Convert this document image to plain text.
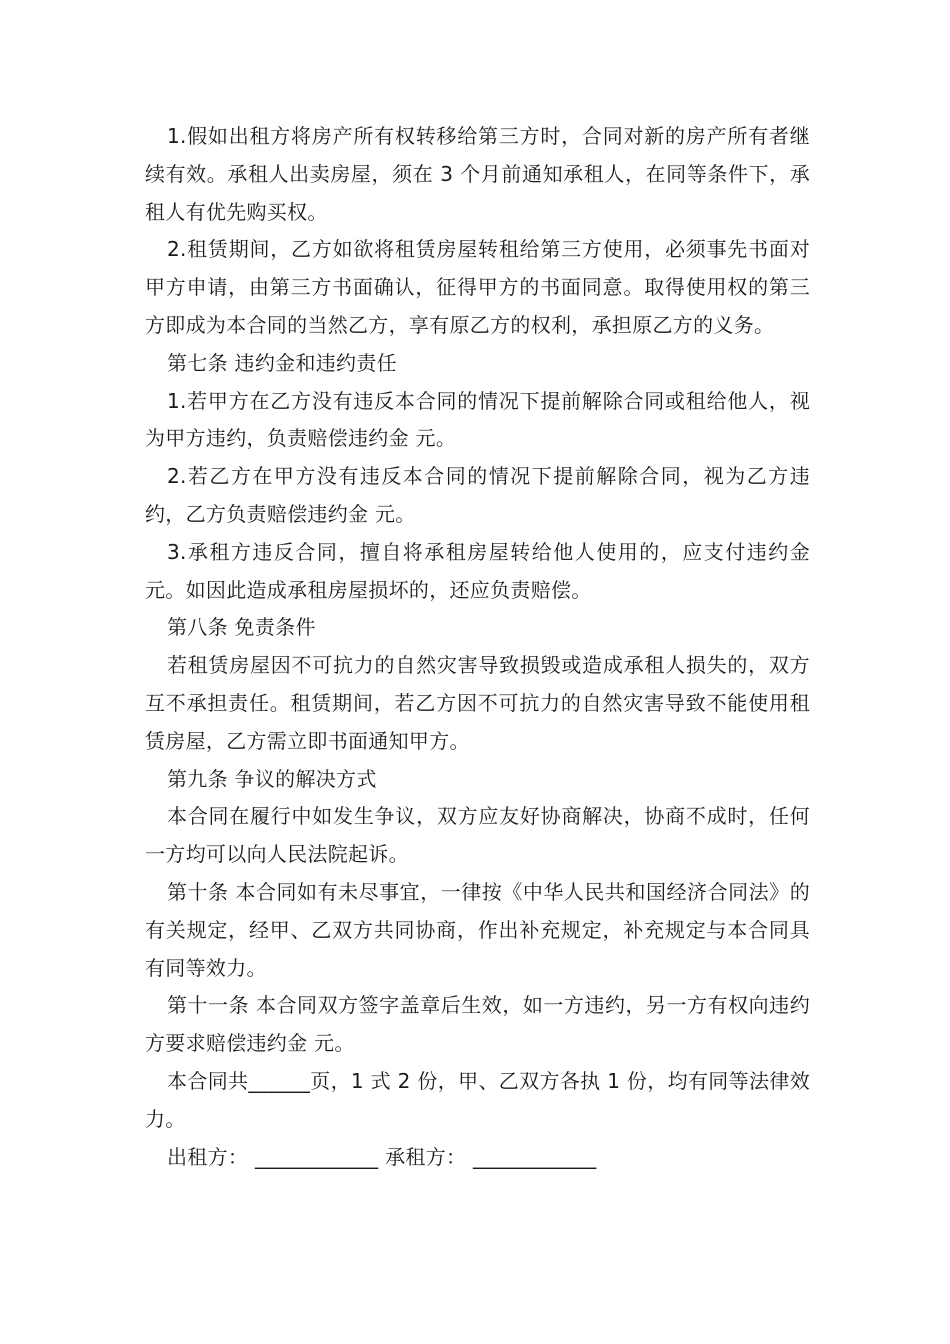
1.假如出租方将房产所有权转移给第三方时，合同对新的房产所有者继续有效。承租人出卖房屋，须在 3 个月前通知承租人，在同等条件下，承租人有优先购买权。

2.租赁期间，乙方如欲将租赁房屋转租给第三方使用，必须事先书面对甲方申请，由第三方书面确认，征得甲方的书面同意。取得使用权的第三方即成为本合同的当然乙方，享有原乙方的权利，承担原乙方的义务。

第七条 违约金和违约责任

1.若甲方在乙方没有违反本合同的情况下提前解除合同或租给他人，视为甲方违约，负责赔偿违约金 元。

2.若乙方在甲方没有违反本合同的情况下提前解除合同，视为乙方违约，乙方负责赔偿违约金 元。

3.承租方违反合同，擅自将承租房屋转给他人使用的，应支付违约金 元。如因此造成承租房屋损坏的，还应负责赔偿。

第八条 免责条件

若租赁房屋因不可抗力的自然灾害导致损毁或造成承租人损失的，双方互不承担责任。租赁期间，若乙方因不可抗力的自然灾害导致不能使用租赁房屋，乙方需立即书面通知甲方。

第九条 争议的解决方式

本合同在履行中如发生争议，双方应友好协商解决，协商不成时，任何一方均可以向人民法院起诉。

第十条 本合同如有未尽事宜，一律按《中华人民共和国经济合同法》的有关规定，经甲、乙双方共同协商，作出补充规定，补充规定与本合同具有同等效力。

第十一条 本合同双方签字盖章后生效，如一方违约，另一方有权向违约方要求赔偿违约金 元。

本合同共______页，1 式 2 份，甲、乙双方各执 1 份，均有同等法律效力。

出租方： ____________ 承租方： ____________
